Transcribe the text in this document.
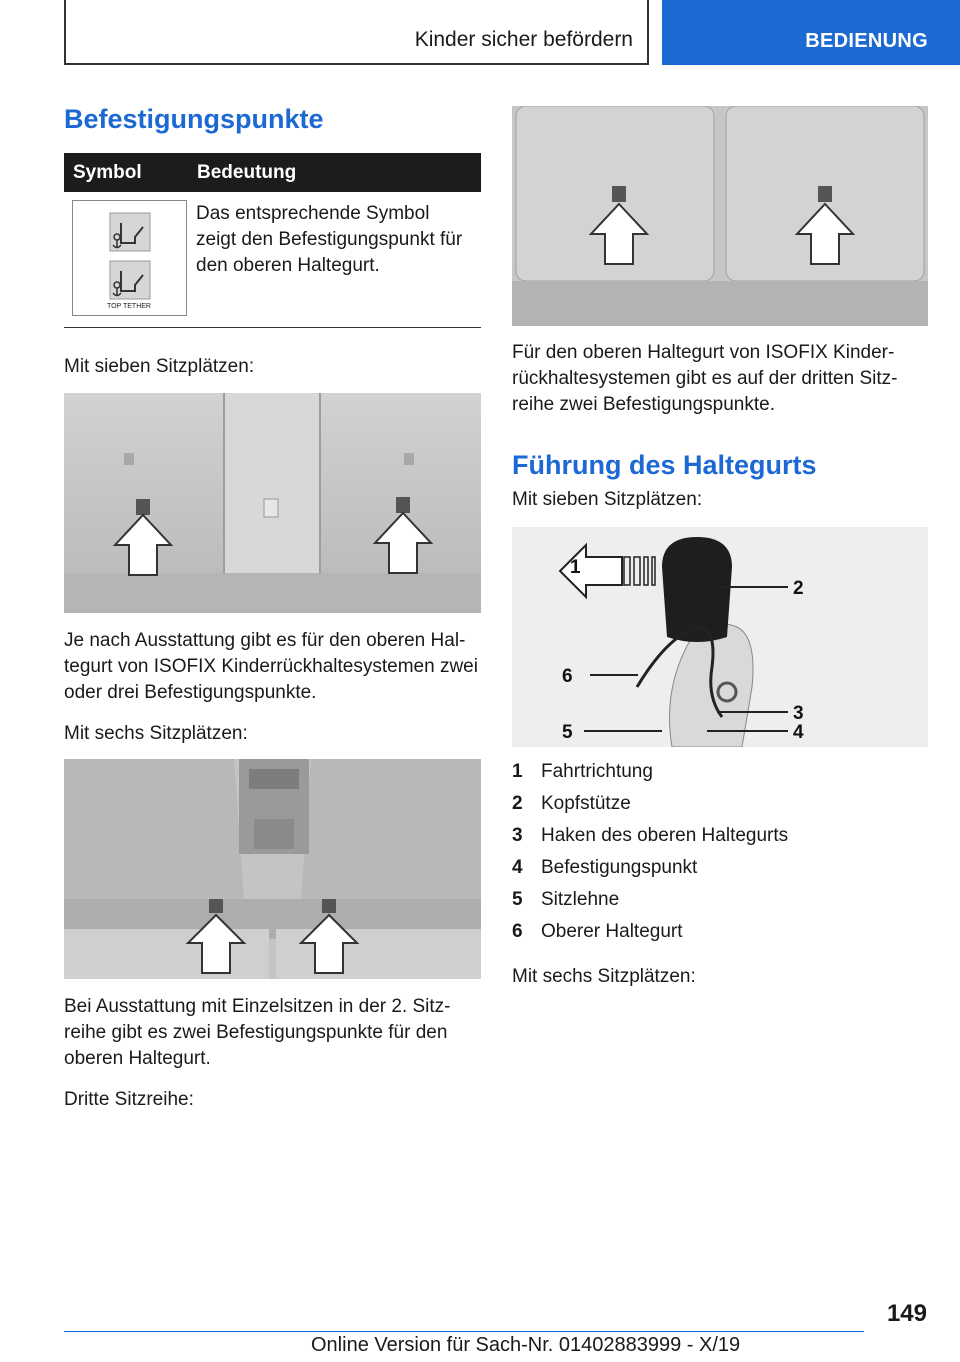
Kinder sicher befördern	BEDIENUNG
Befestigungspunkte
Symbol	Bedeutung
TOP TETHER
Das entsprechende Symbol
zeigt den Befestigungspunkt für
den oberen Haltegurt.
Mit sieben Sitzplätzen:
Je nach Ausstattung gibt es für den oberen Hal-
tegurt von ISOFIX Kinderrückhaltesystemen zwei
oder drei Befestigungspunkte.
Mit sechs Sitzplätzen:
Bei Ausstattung mit Einzelsitzen in der 2. Sitz-
reihe gibt es zwei Befestigungspunkte für den
oberen Haltegurt.
Dritte Sitzreihe:
Für den oberen Haltegurt von ISOFIX Kinder-
rückhaltesystemen gibt es auf der dritten Sitz-
reihe zwei Befestigungspunkte.
Führung des Haltegurts
Mit sieben Sitzplätzen:
1
2
3
4
5
6
1 Fahrtrichtung
2 Kopfstütze
3 Haken des oberen Haltegurts
4 Befestigungspunkt
5 Sitzlehne
6 Oberer Haltegurt
Mit sechs Sitzplätzen:
149
Online Version für Sach-Nr. 01402883999 - X/19
